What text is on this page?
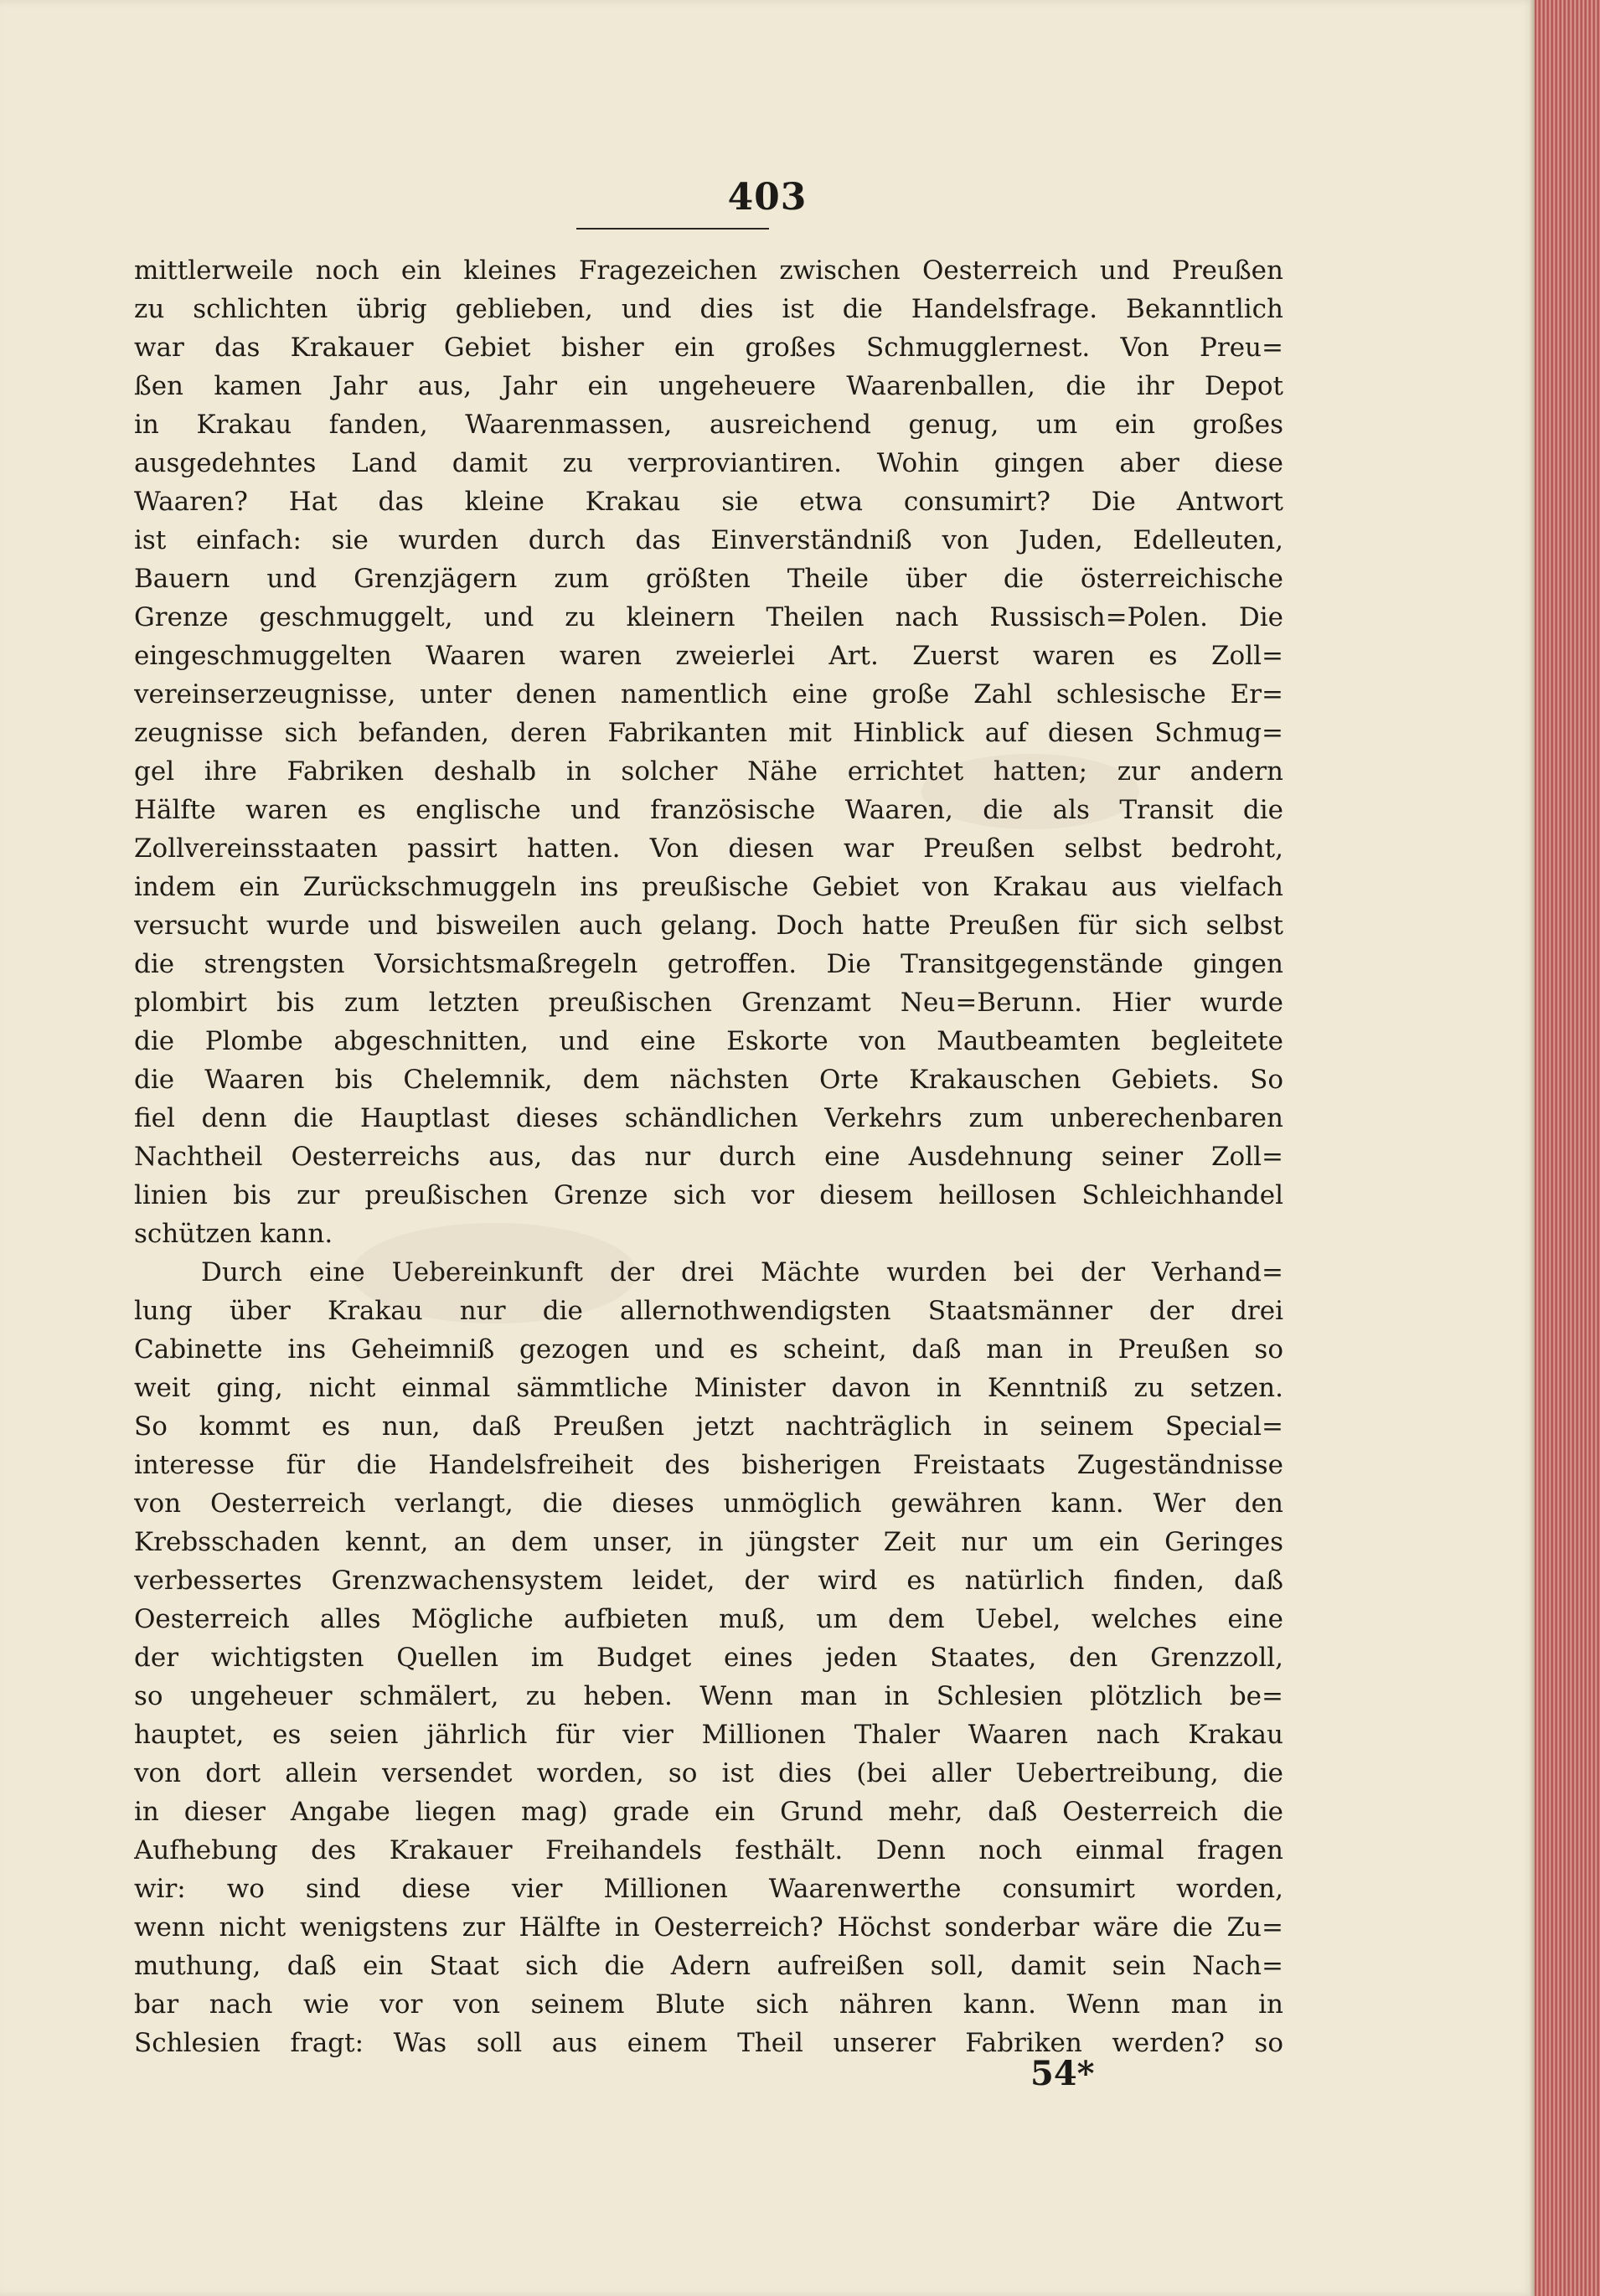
403
mittlerweile noch ein kleines Fragezeichen zwischen Oesterreich und Preußen
zu schlichten übrig geblieben, und dies ist die Handelsfrage. Bekanntlich
war das Krakauer Gebiet bisher ein großes Schmugglernest. Von Preu=
ßen kamen Jahr aus, Jahr ein ungeheuere Waarenballen, die ihr Depot
in Krakau fanden, Waarenmassen, ausreichend genug, um ein großes
ausgedehntes Land damit zu verproviantiren. Wohin gingen aber diese
Waaren? Hat das kleine Krakau sie etwa consumirt? Die Antwort
ist einfach: sie wurden durch das Einverständniß von Juden, Edelleuten,
Bauern und Grenzjägern zum größten Theile über die österreichische
Grenze geschmuggelt, und zu kleinern Theilen nach Russisch=Polen. Die
eingeschmuggelten Waaren waren zweierlei Art. Zuerst waren es Zoll=
vereinserzeugnisse, unter denen namentlich eine große Zahl schlesische Er=
zeugnisse sich befanden, deren Fabrikanten mit Hinblick auf diesen Schmug=
gel ihre Fabriken deshalb in solcher Nähe errichtet hatten; zur andern
Hälfte waren es englische und französische Waaren, die als Transit die
Zollvereinsstaaten passirt hatten. Von diesen war Preußen selbst bedroht,
indem ein Zurückschmuggeln ins preußische Gebiet von Krakau aus vielfach
versucht wurde und bisweilen auch gelang. Doch hatte Preußen für sich selbst
die strengsten Vorsichtsmaßregeln getroffen. Die Transitgegenstände gingen
plombirt bis zum letzten preußischen Grenzamt Neu=Berunn. Hier wurde
die Plombe abgeschnitten, und eine Eskorte von Mautbeamten begleitete
die Waaren bis Chelemnik, dem nächsten Orte Krakauschen Gebiets. So
fiel denn die Hauptlast dieses schändlichen Verkehrs zum unberechenbaren
Nachtheil Oesterreichs aus, das nur durch eine Ausdehnung seiner Zoll=
linien bis zur preußischen Grenze sich vor diesem heillosen Schleichhandel
schützen kann.
Durch eine Uebereinkunft der drei Mächte wurden bei der Verhand=
lung über Krakau nur die allernothwendigsten Staatsmänner der drei
Cabinette ins Geheimniß gezogen und es scheint, daß man in Preußen so
weit ging, nicht einmal sämmtliche Minister davon in Kenntniß zu setzen.
So kommt es nun, daß Preußen jetzt nachträglich in seinem Special=
interesse für die Handelsfreiheit des bisherigen Freistaats Zugeständnisse
von Oesterreich verlangt, die dieses unmöglich gewähren kann. Wer den
Krebsschaden kennt, an dem unser, in jüngster Zeit nur um ein Geringes
verbessertes Grenzwachensystem leidet, der wird es natürlich finden, daß
Oesterreich alles Mögliche aufbieten muß, um dem Uebel, welches eine
der wichtigsten Quellen im Budget eines jeden Staates, den Grenzzoll,
so ungeheuer schmälert, zu heben. Wenn man in Schlesien plötzlich be=
hauptet, es seien jährlich für vier Millionen Thaler Waaren nach Krakau
von dort allein versendet worden, so ist dies (bei aller Uebertreibung, die
in dieser Angabe liegen mag) grade ein Grund mehr, daß Oesterreich die
Aufhebung des Krakauer Freihandels festhält. Denn noch einmal fragen
wir: wo sind diese vier Millionen Waarenwerthe consumirt worden,
wenn nicht wenigstens zur Hälfte in Oesterreich? Höchst sonderbar wäre die Zu=
muthung, daß ein Staat sich die Adern aufreißen soll, damit sein Nach=
bar nach wie vor von seinem Blute sich nähren kann. Wenn man in
Schlesien fragt: Was soll aus einem Theil unserer Fabriken werden? so
54*
